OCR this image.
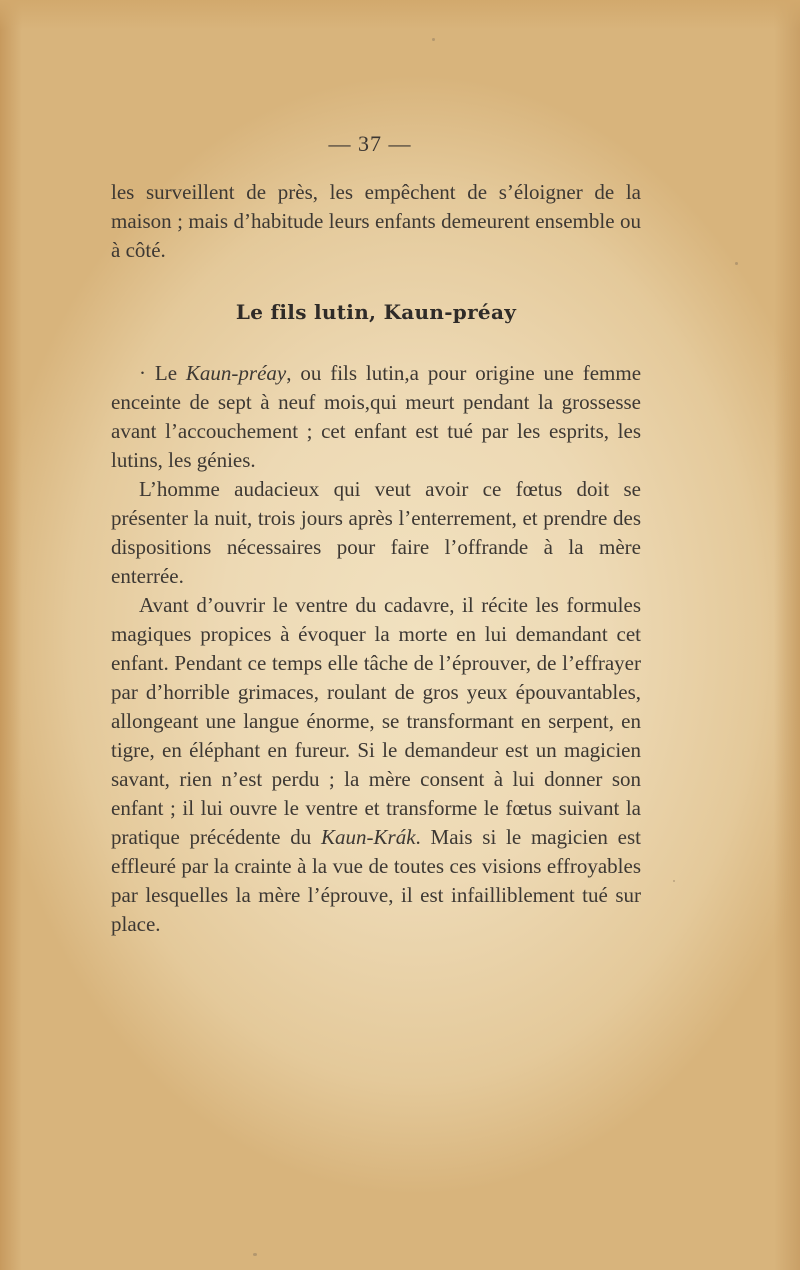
— 37 —

les surveillent de près, les empêchent de s’éloigner de la maison ; mais d’habitude leurs enfants demeurent ensemble ou à côté.

Le fils lutin, Kaun-préay

· Le Kaun-préay, ou fils lutin,a pour origine une femme enceinte de sept à neuf mois,qui meurt pendant la grossesse avant l’accouchement ; cet enfant est tué par les esprits, les lutins, les génies.

L’homme audacieux qui veut avoir ce fœtus doit se présenter la nuit, trois jours après l’enterrement, et prendre des dispositions nécessaires pour faire l’offrande à la mère enterrée.

Avant d’ouvrir le ventre du cadavre, il récite les formules magiques propices à évoquer la morte en lui demandant cet enfant. Pendant ce temps elle tâche de l’éprouver, de l’effrayer par d’horrible grimaces, roulant de gros yeux épouvantables, allongeant une langue énorme, se transformant en serpent, en tigre, en éléphant en fureur. Si le demandeur est un magicien savant, rien n’est perdu ; la mère consent à lui donner son enfant ; il lui ouvre le ventre et transforme le fœtus suivant la pratique précédente du Kaun-Krák. Mais si le magicien est effleuré par la crainte à la vue de toutes ces visions effroyables par lesquelles la mère l’éprouve, il est infailliblement tué sur place.
